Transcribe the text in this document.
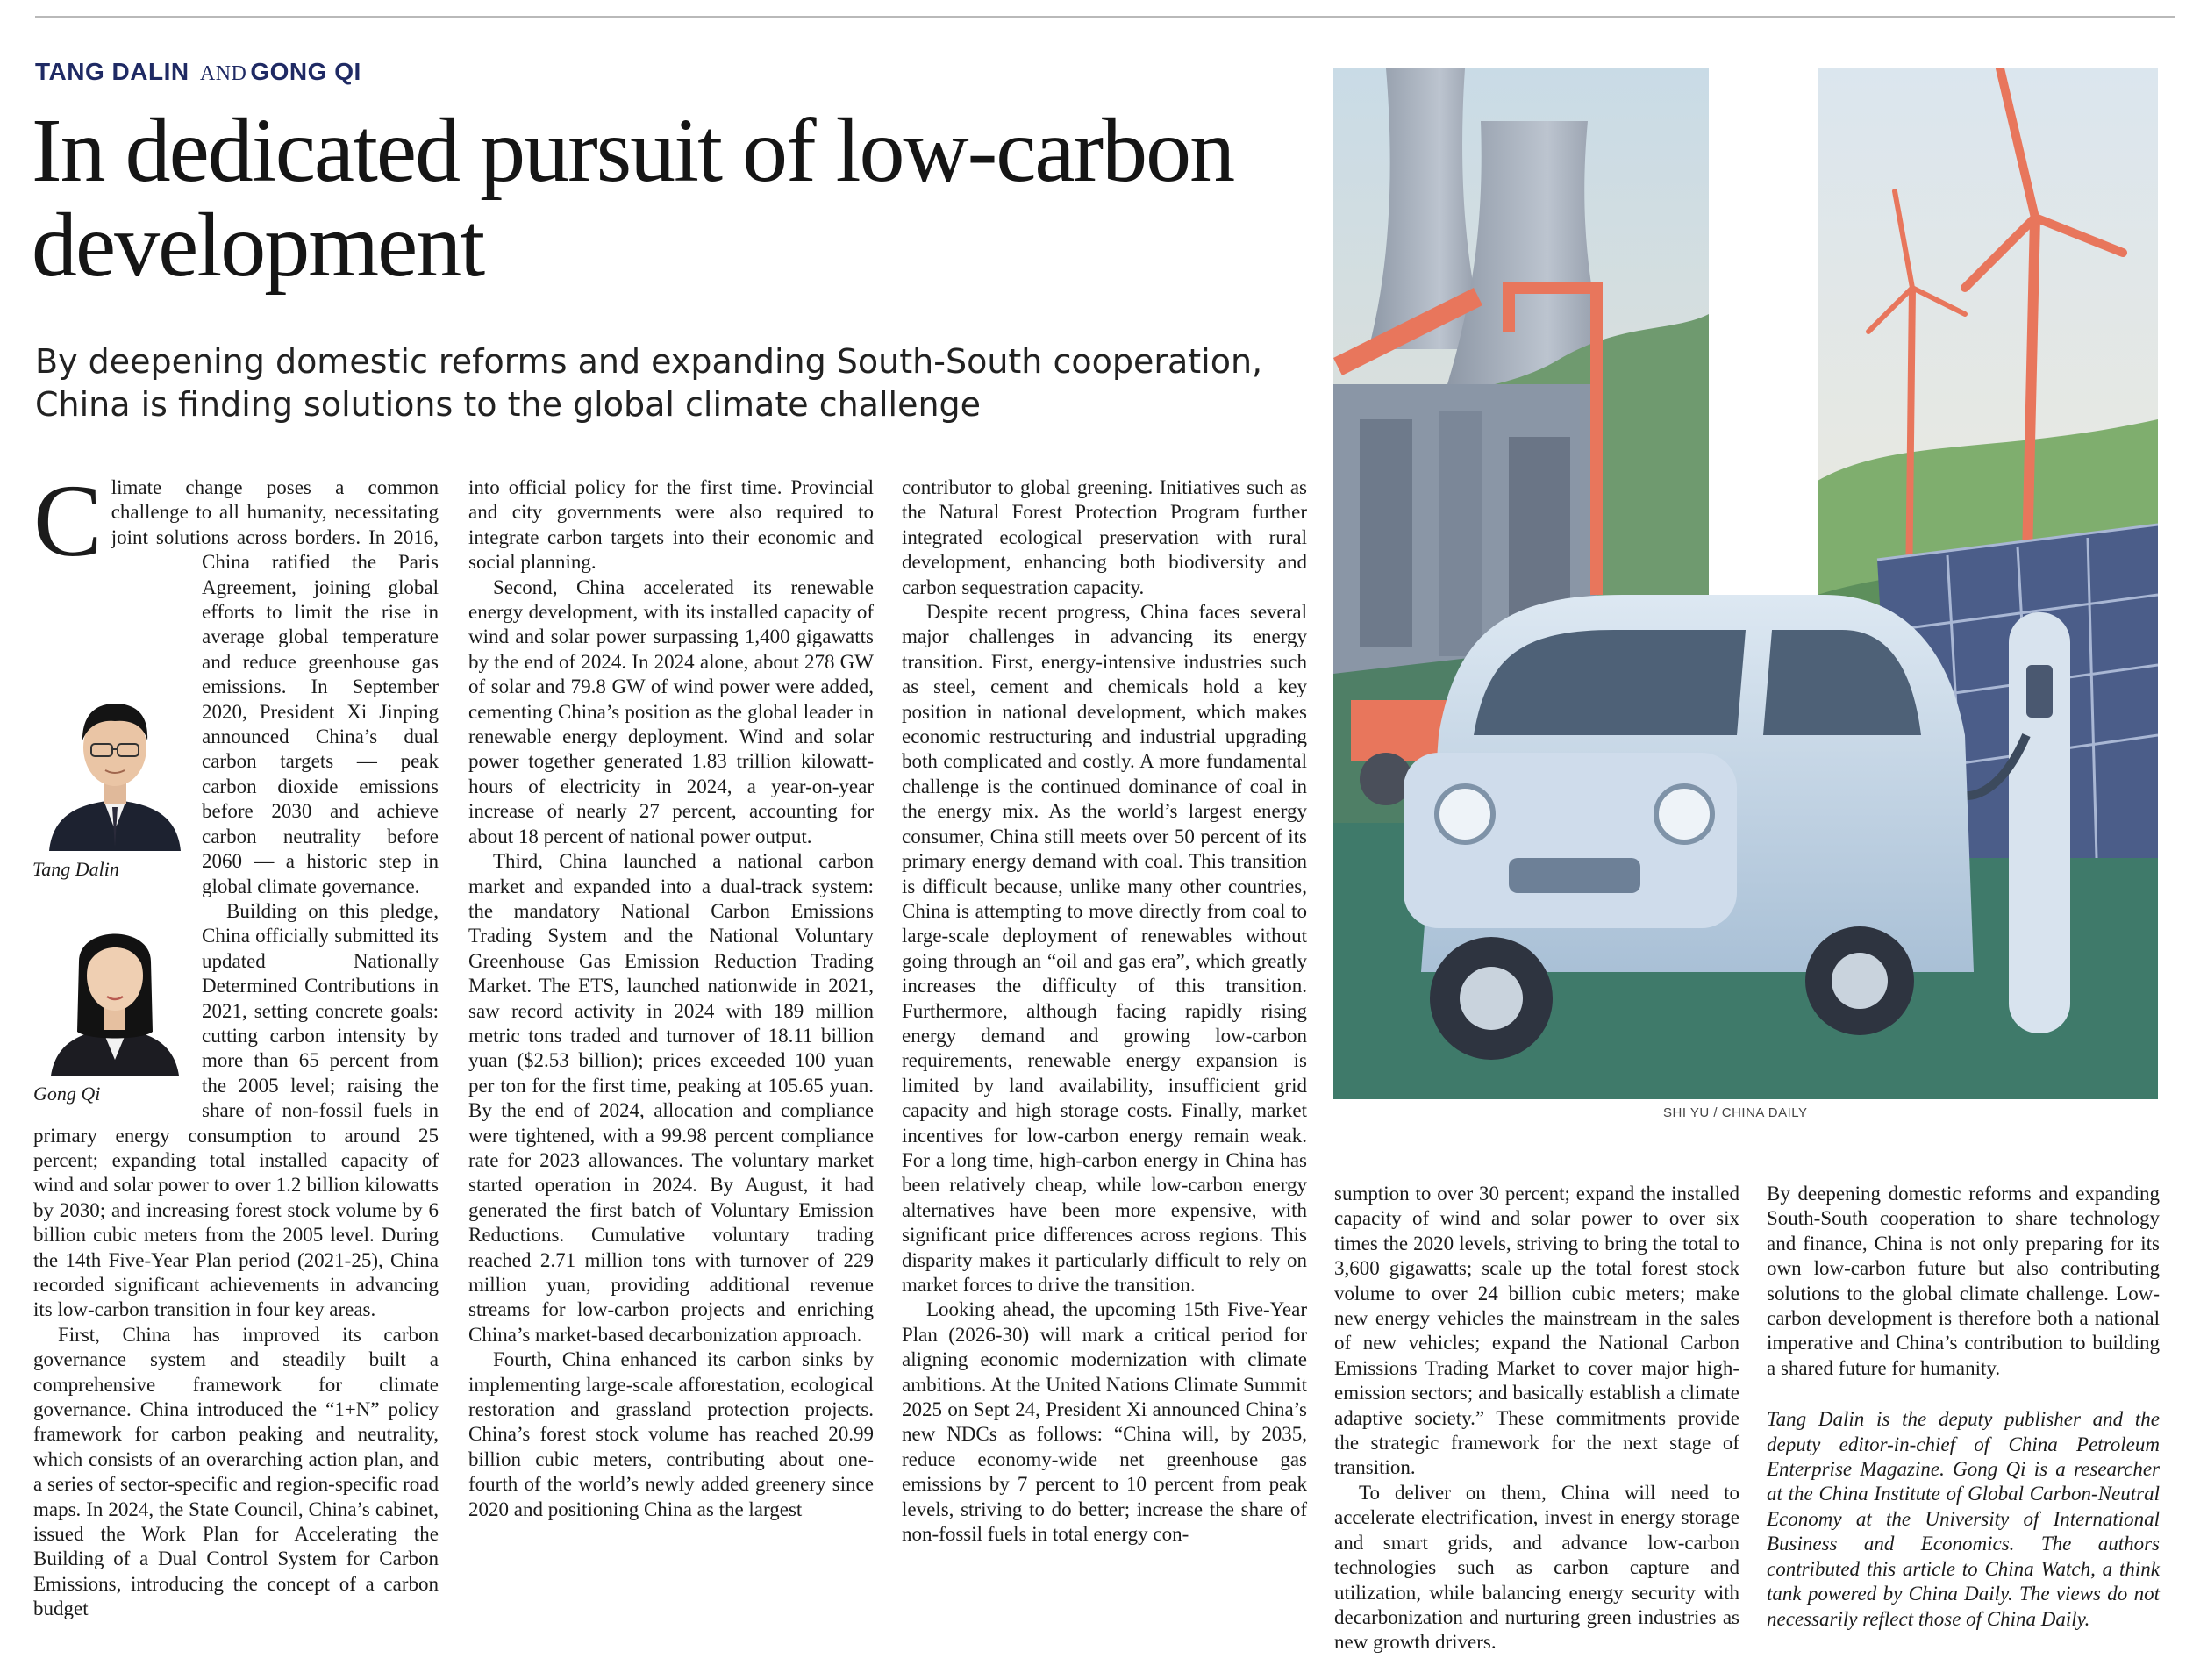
TANG DALIN AND GONG QI
In dedicated pursuit of low-carbon development

By deepening domestic reforms and expanding South-South cooperation, China is finding solutions to the global climate challenge

C limate change poses a common challenge to all humanity, necessitating joint solutions across borders. In 2016, China ratified the Paris Agreement, joining global efforts to limit the rise in average global temperature and reduce greenhouse gas emissions. In September 2020, President Xi Jinping announced China’s dual carbon targets — peak carbon dioxide emissions before 2030 and achieve carbon neutrality before 2060 — a historic step in global climate governance.

Building on this pledge, China officially submitted its updated Nationally Determined Contributions in 2021, setting concrete goals: cutting carbon intensity by more than 65 percent from the 2005 level; raising the share of non-fossil fuels in primary energy consumption to around 25 percent; expanding total installed capacity of wind and solar power to over 1.2 billion kilowatts by 2030; and increasing forest stock volume by 6 billion cubic meters from the 2005 level. During the 14th Five-Year Plan period (2021-25), China recorded significant achievements in advancing its low-carbon transition in four key areas.

First, China has improved its carbon governance system and steadily built a comprehensive framework for climate governance. China introduced the “1+N” policy framework for carbon peaking and neutrality, which consists of an overarching action plan, and a series of sector-specific and region-specific road maps. In 2024, the State Council, China’s cabinet, issued the Work Plan for Accelerating the Building of a Dual Control System for Carbon Emissions, introducing the concept of a carbon budget

Tang Dalin
Gong Qi

into official policy for the first time. Provincial and city governments were also required to integrate carbon targets into their economic and social planning.

Second, China accelerated its renewable energy development, with its installed capacity of wind and solar power surpassing 1,400 gigawatts by the end of 2024. In 2024 alone, about 278 GW of solar and 79.8 GW of wind power were added, cementing China’s position as the global leader in renewable energy deployment. Wind and solar power together generated 1.83 trillion kilowatt-hours of electricity in 2024, a year-on-year increase of nearly 27 percent, accounting for about 18 percent of national power output.

Third, China launched a national carbon market and expanded into a dual-track system: the mandatory National Carbon Emissions Trading System and the National Voluntary Greenhouse Gas Emission Reduction Trading Market. The ETS, launched nationwide in 2021, saw record activity in 2024 with 189 million metric tons traded and turnover of 18.11 billion yuan ($2.53 billion); prices exceeded 100 yuan per ton for the first time, peaking at 105.65 yuan. By the end of 2024, allocation and compliance were tightened, with a 99.98 percent compliance rate for 2023 allowances. The voluntary market started operation in 2024. By August, it had generated the first batch of Voluntary Emission Reductions. Cumulative voluntary trading reached 2.71 million tons with turnover of 229 million yuan, providing additional revenue streams for low-carbon projects and enriching China’s market-based decarbonization approach.

Fourth, China enhanced its carbon sinks by implementing large-scale afforestation, ecological restoration and grassland protection projects. China’s forest stock volume has reached 20.99 billion cubic meters, contributing about one-fourth of the world’s newly added greenery since 2020 and positioning China as the largest

contributor to global greening. Initiatives such as the Natural Forest Protection Program further integrated ecological preservation with rural development, enhancing both biodiversity and carbon sequestration capacity.

Despite recent progress, China faces several major challenges in advancing its energy transition. First, energy-intensive industries such as steel, cement and chemicals hold a key position in national development, which makes economic restructuring and industrial upgrading both complicated and costly. A more fundamental challenge is the continued dominance of coal in the energy mix. As the world’s largest energy consumer, China still meets over 50 percent of its primary energy demand with coal. This transition is difficult because, unlike many other countries, China is attempting to move directly from coal to large-scale deployment of renewables without going through an “oil and gas era”, which greatly increases the difficulty of this transition. Furthermore, although facing rapidly rising energy demand and growing low-carbon requirements, renewable energy expansion is limited by land availability, insufficient grid capacity and high storage costs. Finally, market incentives for low-carbon energy remain weak. For a long time, high-carbon energy in China has been relatively cheap, while low-carbon energy alternatives have been more expensive, with significant price differences across regions. This disparity makes it particularly difficult to rely on market forces to drive the transition.

Looking ahead, the upcoming 15th Five-Year Plan (2026-30) will mark a critical period for aligning economic modernization with climate ambitions. At the United Nations Climate Summit 2025 on Sept 24, President Xi announced China’s new NDCs as follows: “China will, by 2035, reduce economy-wide net greenhouse gas emissions by 7 percent to 10 percent from peak levels, striving to do better; increase the share of non-fossil fuels in total energy con-

sumption to over 30 percent; expand the installed capacity of wind and solar power to over six times the 2020 levels, striving to bring the total to 3,600 gigawatts; scale up the total forest stock volume to over 24 billion cubic meters; make new energy vehicles the mainstream in the sales of new vehicles; expand the National Carbon Emissions Trading Market to cover major high-emission sectors; and basically establish a climate adaptive society.” These commitments provide the strategic framework for the next stage of transition.

To deliver on them, China will need to accelerate electrification, invest in energy storage and smart grids, and advance low-carbon technologies such as carbon capture and utilization, while balancing energy security with decarbonization and nurturing green industries as new growth drivers.

By deepening domestic reforms and expanding South-South cooperation to share technology and finance, China is not only preparing for its own low-carbon future but also contributing solutions to the global climate challenge. Low-carbon development is therefore both a national imperative and China’s contribution to building a shared future for humanity.

Tang Dalin is the deputy publisher and the deputy editor-in-chief of China Petroleum Enterprise Magazine. Gong Qi is a researcher at the China Institute of Global Carbon-Neutral Economy at the University of International Business and Economics. The authors contributed this article to China Watch, a think tank powered by China Daily. The views do not necessarily reflect those of China Daily.

SHI YU / CHINA DAILY
